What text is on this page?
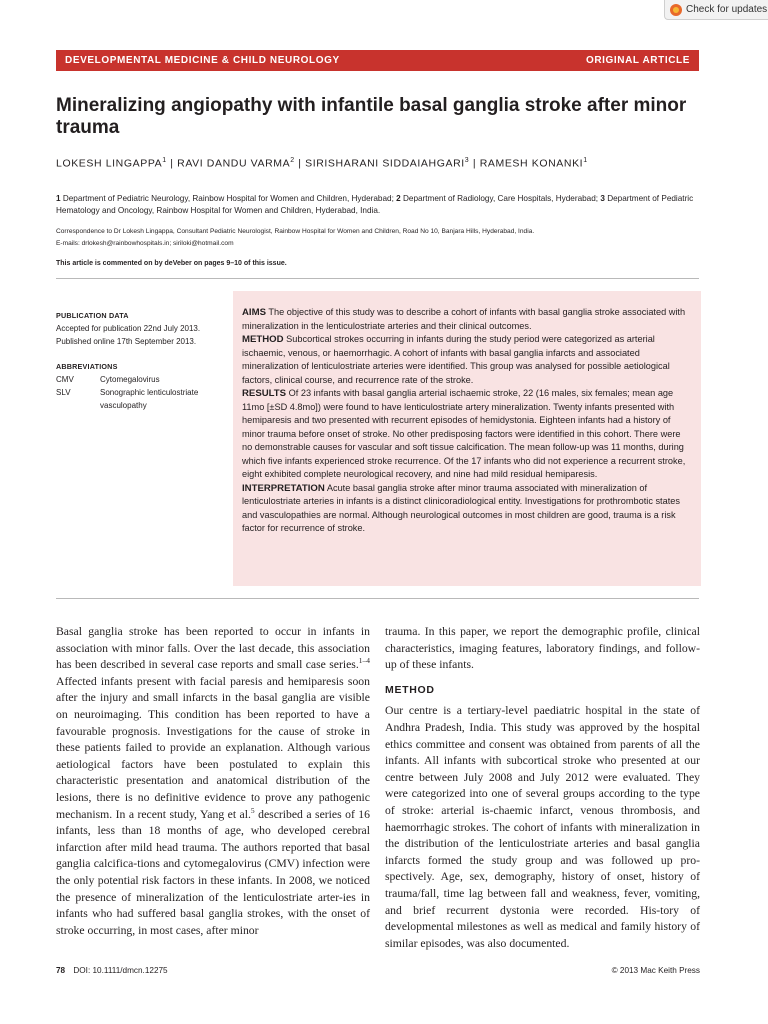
Check for updates
DEVELOPMENTAL MEDICINE & CHILD NEUROLOGY	ORIGINAL ARTICLE
Mineralizing angiopathy with infantile basal ganglia stroke after minor trauma
LOKESH LINGAPPA$^1$ | RAVI DANDU VARMA$^2$ | SIRISHARANI SIDDAIAHGARI$^3$ | RAMESH KONANKI$^1$
1 Department of Pediatric Neurology, Rainbow Hospital for Women and Children, Hyderabad; 2 Department of Radiology, Care Hospitals, Hyderabad; 3 Department of Pediatric Hematology and Oncology, Rainbow Hospital for Women and Children, Hyderabad, India.
Correspondence to Dr Lokesh Lingappa, Consultant Pediatric Neurologist, Rainbow Hospital for Women and Children, Road No 10, Banjara Hills, Hyderabad, India.
E-mails: drlokesh@rainbowhospitals.in; siriloki@hotmail.com
This article is commented on by deVeber on pages 9–10 of this issue.
PUBLICATION DATA
Accepted for publication 22nd July 2013.
Published online 17th September 2013.
ABBREVIATIONS
CMV	Cytomegalovirus
SLV	Sonographic lenticulostriate vasculopathy
AIMS The objective of this study was to describe a cohort of infants with basal ganglia stroke associated with mineralization in the lenticulostriate arteries and their clinical outcomes.
METHOD Subcortical strokes occurring in infants during the study period were categorized as arterial ischaemic, venous, or haemorrhagic. A cohort of infants with basal ganglia infarcts and associated mineralization of lenticulostriate arteries were identified. This group was analysed for possible aetiological factors, clinical course, and recurrence rate of the stroke.
RESULTS Of 23 infants with basal ganglia arterial ischaemic stroke, 22 (16 males, six females; mean age 11mo [±SD 4.8mo]) were found to have lenticulostriate artery mineralization. Twenty infants presented with hemiparesis and two presented with recurrent episodes of hemidystonia. Eighteen infants had a history of minor trauma before onset of stroke. No other predisposing factors were identified in this cohort. There were no demonstrable causes for vascular and soft tissue calcification. The mean follow-up was 11 months, during which five infants experienced stroke recurrence. Of the 17 infants who did not experience a recurrent stroke, eight exhibited complete neurological recovery, and nine had mild residual hemiparesis.
INTERPRETATION Acute basal ganglia stroke after minor trauma associated with mineralization of lenticulostriate arteries in infants is a distinct clinicoradiological entity. Investigations for prothrombotic states and vasculopathies are normal. Although neurological outcomes in most children are good, trauma is a risk factor for recurrence of stroke.

Basal ganglia stroke has been reported to occur in infants in association with minor falls. Over the last decade, this association has been described in several case reports and small case series.$^{1-4}$ Affected infants present with facial paresis and hemiparesis soon after the injury and small infarcts in the basal ganglia are visible on neuroimaging. This condition has been reported to have a favourable prognosis. Investigations for the cause of stroke in these patients failed to provide an explanation. Although various aetiological factors have been postulated to explain this characteristic presentation and anatomical distribution of the lesions, there is no definitive evidence to prove any pathogenic mechanism. In a recent study, Yang et al.$^5$ described a series of 16 infants, less than 18 months of age, who developed cerebral infarction after mild head trauma. The authors reported that basal ganglia calcifica-tions and cytomegalovirus (CMV) infection were the only potential risk factors in these infants. In 2008, we noticed the presence of mineralization of the lenticulostriate arter-ies in infants who had suffered basal ganglia strokes, with the onset of stroke occurring, in most cases, after minor

trauma. In this paper, we report the demographic profile, clinical characteristics, imaging features, laboratory findings, and follow-up of these infants.

METHOD

Our centre is a tertiary-level paediatric hospital in the state of Andhra Pradesh, India. This study was approved by the hospital ethics committee and consent was obtained from parents of all the infants. All infants with subcortical stroke who presented at our centre between July 2008 and July 2012 were evaluated. They were categorized into one of several groups according to the type of stroke: arterial is-chaemic infarct, venous thrombosis, and haemorrhagic strokes. The cohort of infants with mineralization in the distribution of the lenticulostriate arteries and basal ganglia infarcts formed the study group and was followed up pro-spectively. Age, sex, demography, history of onset, history of trauma/fall, time lag between fall and weakness, fever, vomiting, and brief recurrent dystonia were recorded. His-tory of developmental milestones as well as medical and family history of similar episodes, was also documented.

78 DOI: 10.1111/dmcn.12275	© 2013 Mac Keith Press
